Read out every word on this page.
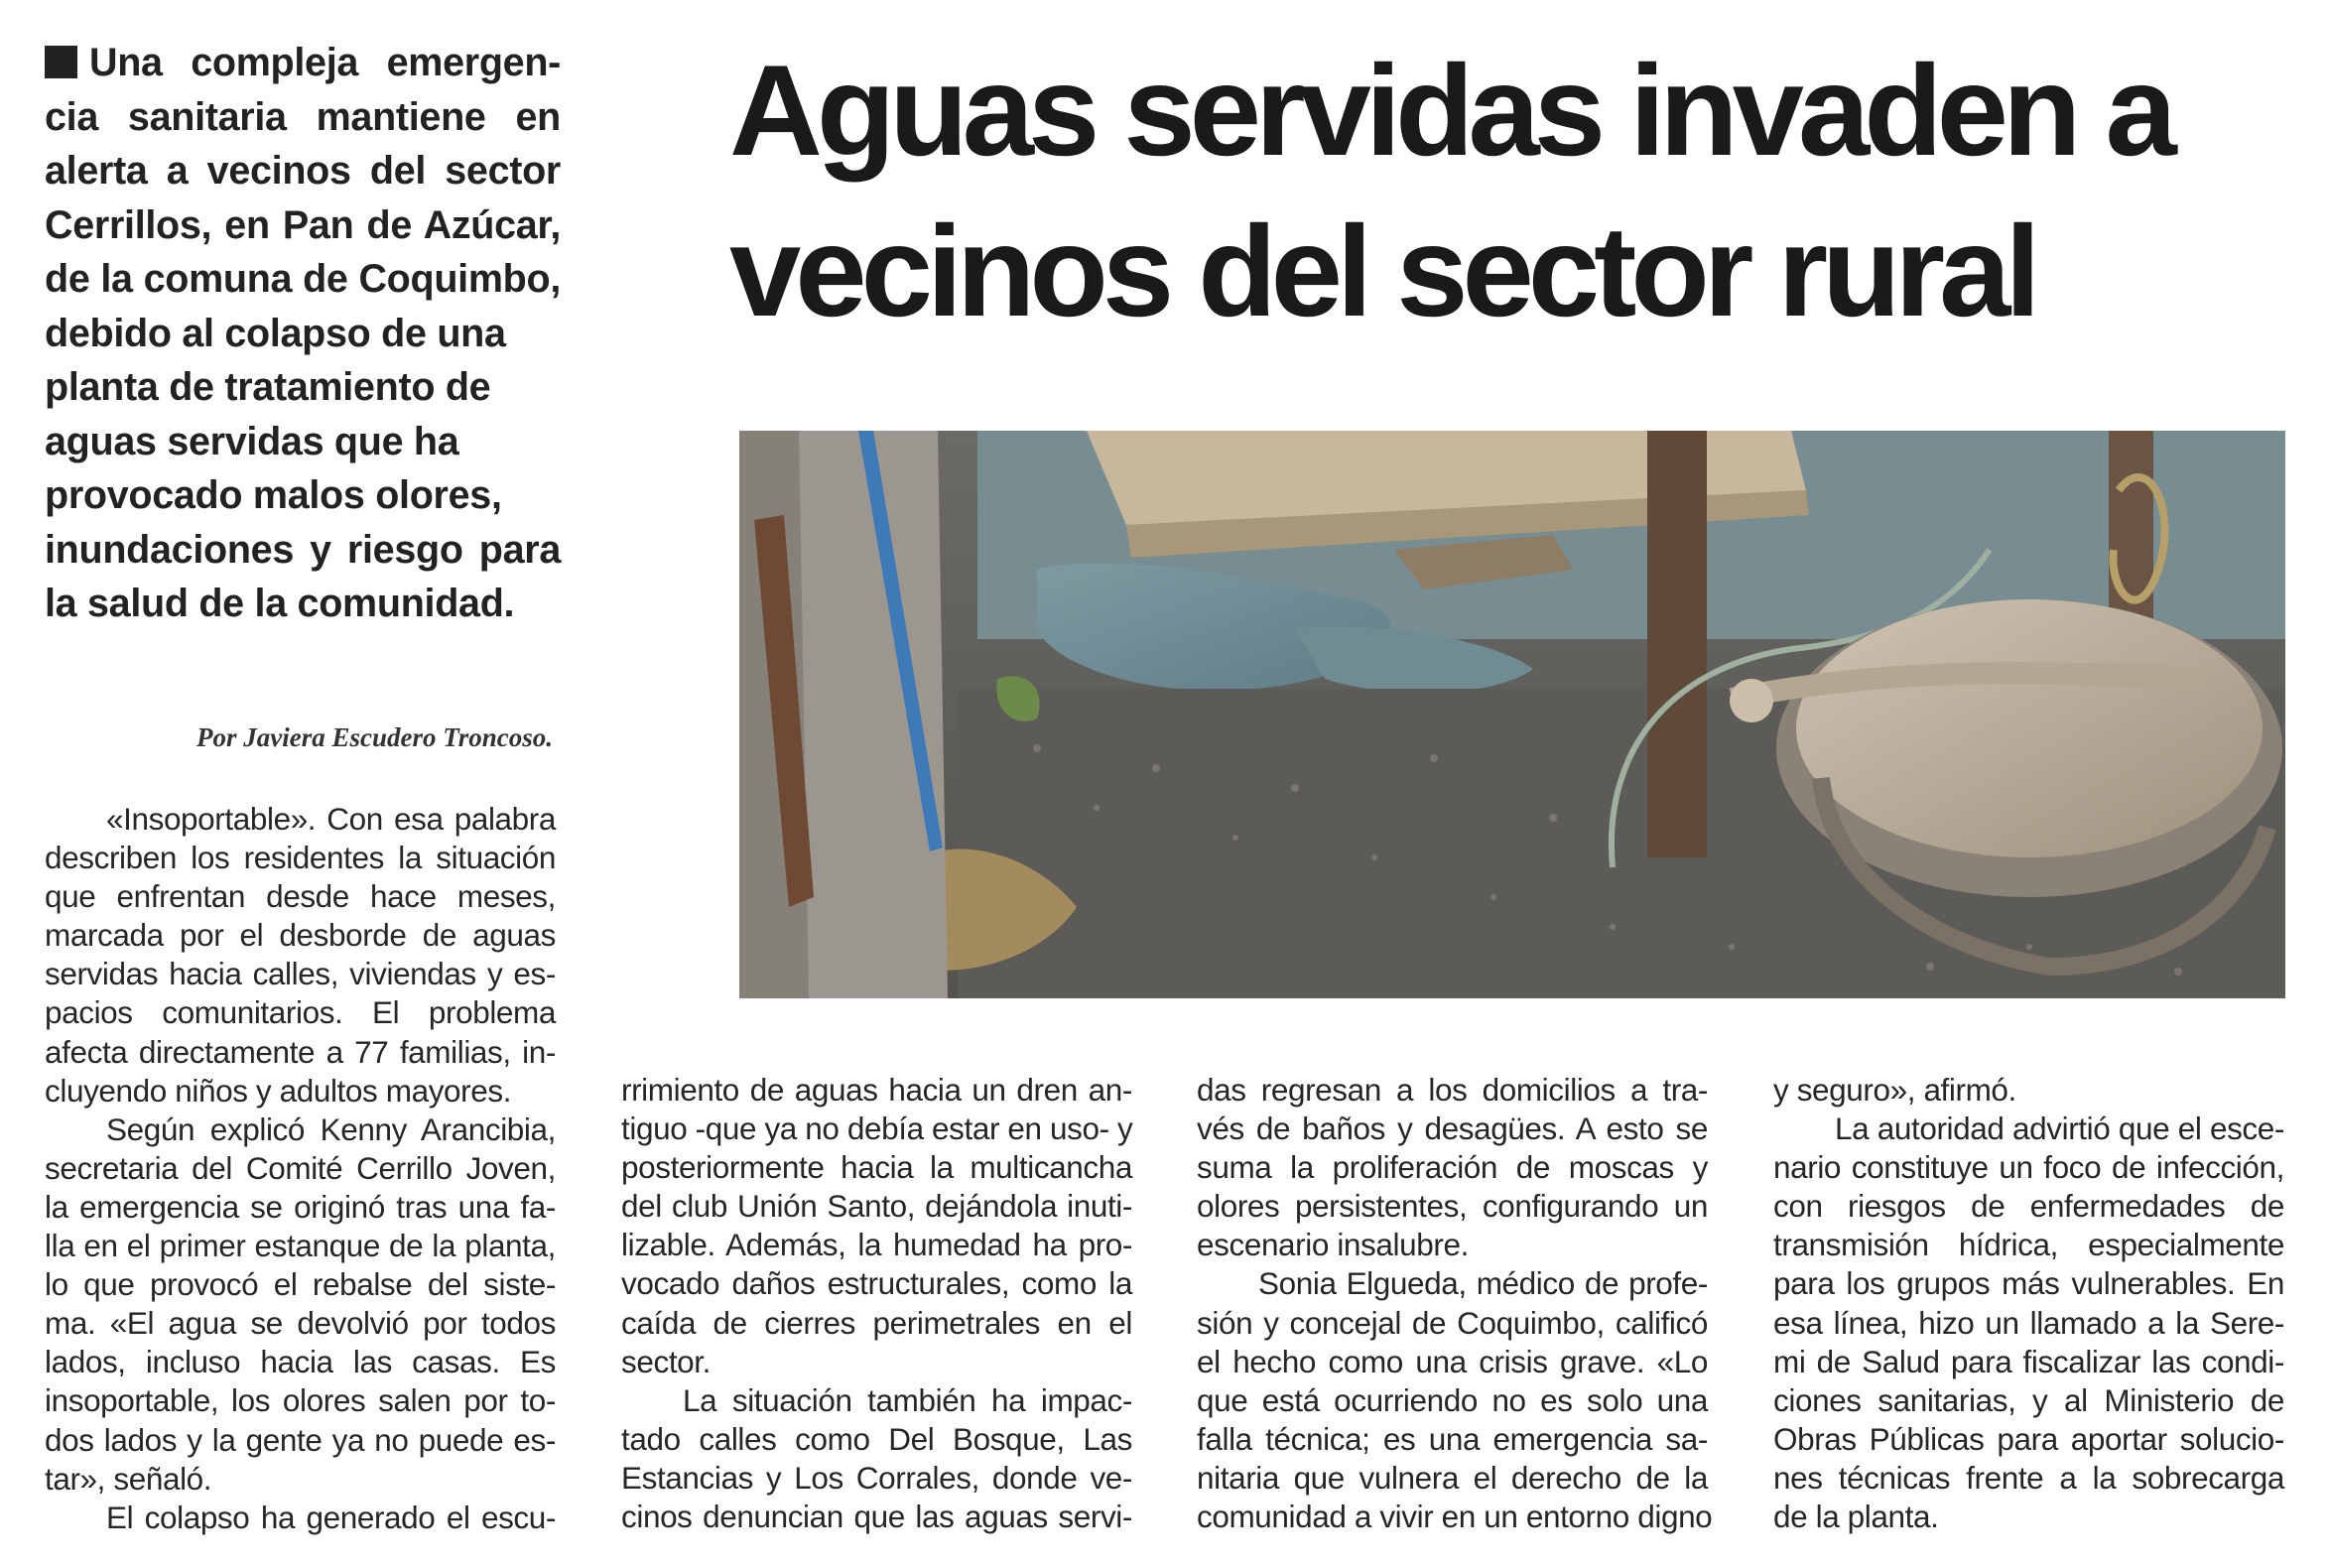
Una compleja emergen-
cia sanitaria mantiene en
alerta a vecinos del sector
Cerrillos, en Pan de Azúcar,
de la comuna de Coquimbo,
debido al colapso de una
planta de tratamiento de
aguas servidas que ha
provocado malos olores,
inundaciones y riesgo para
la salud de la comunidad.
Aguas servidas invaden a
vecinos del sector rural
Por Javiera Escudero Troncoso.
«Insoportable». Con esa palabra
describen los residentes la situación
que enfrentan desde hace meses,
marcada por el desborde de aguas
servidas hacia calles, viviendas y es-
pacios comunitarios. El problema
afecta directamente a 77 familias, in-
cluyendo niños y adultos mayores.
Según explicó Kenny Arancibia,
secretaria del Comité Cerrillo Joven,
la emergencia se originó tras una fa-
lla en el primer estanque de la planta,
lo que provocó el rebalse del siste-
ma. «El agua se devolvió por todos
lados, incluso hacia las casas. Es
insoportable, los olores salen por to-
dos lados y la gente ya no puede es-
tar», señaló.
El colapso ha generado el escu-
rrimiento de aguas hacia un dren an-
tiguo -que ya no debía estar en uso- y
posteriormente hacia la multicancha
del club Unión Santo, dejándola inuti-
lizable. Además, la humedad ha pro-
vocado daños estructurales, como la
caída de cierres perimetrales en el
sector.
La situación también ha impac-
tado calles como Del Bosque, Las
Estancias y Los Corrales, donde ve-
cinos denuncian que las aguas servi-
das regresan a los domicilios a tra-
vés de baños y desagües. A esto se
suma la proliferación de moscas y
olores persistentes, configurando un
escenario insalubre.
Sonia Elgueda, médico de profe-
sión y concejal de Coquimbo, calificó
el hecho como una crisis grave. «Lo
que está ocurriendo no es solo una
falla técnica; es una emergencia sa-
nitaria que vulnera el derecho de la
comunidad a vivir en un entorno digno
y seguro», afirmó.
La autoridad advirtió que el esce-
nario constituye un foco de infección,
con riesgos de enfermedades de
transmisión hídrica, especialmente
para los grupos más vulnerables. En
esa línea, hizo un llamado a la Sere-
mi de Salud para fiscalizar las condi-
ciones sanitarias, y al Ministerio de
Obras Públicas para aportar solucio-
nes técnicas frente a la sobrecarga
de la planta.
